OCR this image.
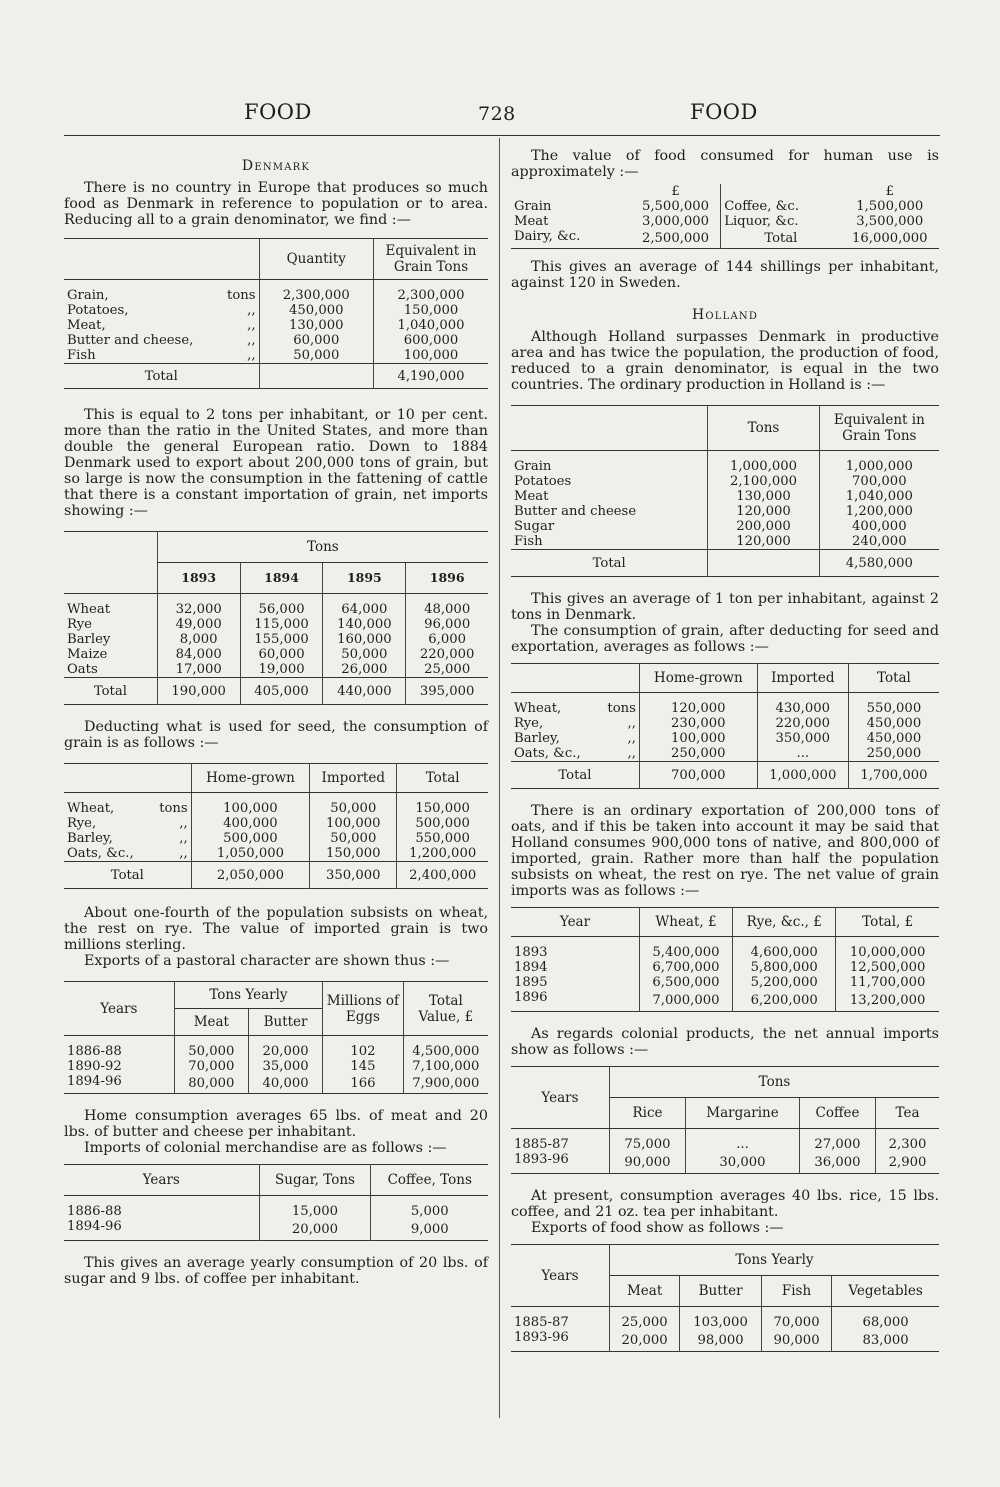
FOOD	728	FOOD
Denmark

There is no country in Europe that produces so much food as Denmark in reference to population or to area. Reducing all to a grain denominator, we find :—

	Quantity	Equivalent in Grain Tons

Grain, tons	2,300,000	2,300,000
Potatoes, ,,	450,000	150,000
Meat, ,,	130,000	1,040,000
Butter and cheese, ,,	60,000	600,000
Fish ,,	50,000	100,000
Total		4,190,000

This is equal to 2 tons per inhabitant, or 10 per cent. more than the ratio in the United States, and more than double the general European ratio. Down to 1884 Denmark used to export about 200,000 tons of grain, but so large is now the consumption in the fattening of cattle that there is a constant importation of grain, net imports showing :—

	Tons			
	1893	1894	1895	1896

Wheat	32,000	56,000	64,000	48,000
Rye	49,000	115,000	140,000	96,000
Barley	8,000	155,000	160,000	6,000
Maize	84,000	60,000	50,000	220,000
Oats	17,000	19,000	26,000	25,000
Total	190,000	405,000	440,000	395,000

Deducting what is used for seed, the consumption of grain is as follows :—

	Home-grown	Imported	Total

Wheat, tons	100,000	50,000	150,000
Rye, ,,	400,000	100,000	500,000
Barley, ,,	500,000	50,000	550,000
Oats, &c., ,,	1,050,000	150,000	1,200,000
Total	2,050,000	350,000	2,400,000

About one-fourth of the population subsists on wheat, the rest on rye. The value of imported grain is two millions sterling.

Exports of a pastoral character are shown thus :—

Years	Tons Yearly		Millions of Eggs	Total Value, £
	Meat	Butter		

1886-88	50,000	20,000	102	4,500,000
1890-92	70,000	35,000	145	7,100,000
1894-96	80,000	40,000	166	7,900,000

Home consumption averages 65 lbs. of meat and 20 lbs. of butter and cheese per inhabitant.

Imports of colonial merchandise are as follows :—

Years	Sugar, Tons	Coffee, Tons

1886-88	15,000	5,000
1894-96	20,000	9,000

This gives an average yearly consumption of 20 lbs. of sugar and 9 lbs. of coffee per inhabitant.

The value of food consumed for human use is approximately :—

	£		£
Grain	5,500,000	Coffee, &c.	1,500,000
Meat	3,000,000	Liquor, &c.	3,500,000
Dairy, &c.	2,500,000	Total	16,000,000

This gives an average of 144 shillings per inhabitant, against 120 in Sweden.

Holland

Although Holland surpasses Denmark in productive area and has twice the population, the production of food, reduced to a grain denominator, is equal in the two countries. The ordinary production in Holland is :—

	Tons	Equivalent in Grain Tons

Grain	1,000,000	1,000,000
Potatoes	2,100,000	700,000
Meat	130,000	1,040,000
Butter and cheese	120,000	1,200,000
Sugar	200,000	400,000
Fish	120,000	240,000
Total		4,580,000

This gives an average of 1 ton per inhabitant, against 2 tons in Denmark.

The consumption of grain, after deducting for seed and exportation, averages as follows :—

	Home-grown	Imported	Total

Wheat, tons	120,000	430,000	550,000
Rye, ,,	230,000	220,000	450,000
Barley, ,,	100,000	350,000	450,000
Oats, &c., ,,	250,000	...	250,000
Total	700,000	1,000,000	1,700,000

There is an ordinary exportation of 200,000 tons of oats, and if this be taken into account it may be said that Holland consumes 900,000 tons of native, and 800,000 of imported, grain. Rather more than half the population subsists on wheat, the rest on rye. The net value of grain imports was as follows :—

Year	Wheat, £	Rye, &c., £	Total, £

1893	5,400,000	4,600,000	10,000,000
1894	6,700,000	5,800,000	12,500,000
1895	6,500,000	5,200,000	11,700,000
1896	7,000,000	6,200,000	13,200,000

As regards colonial products, the net annual imports show as follows :—

Years	Tons			
	Rice	Margarine	Coffee	Tea

1885-87	75,000	...	27,000	2,300
1893-96	90,000	30,000	36,000	2,900

At present, consumption averages 40 lbs. rice, 15 lbs. coffee, and 21 oz. tea per inhabitant.

Exports of food show as follows :—

Years	Tons Yearly			
	Meat	Butter	Fish	Vegetables

1885-87	25,000	103,000	70,000	68,000
1893-96	20,000	98,000	90,000	83,000
